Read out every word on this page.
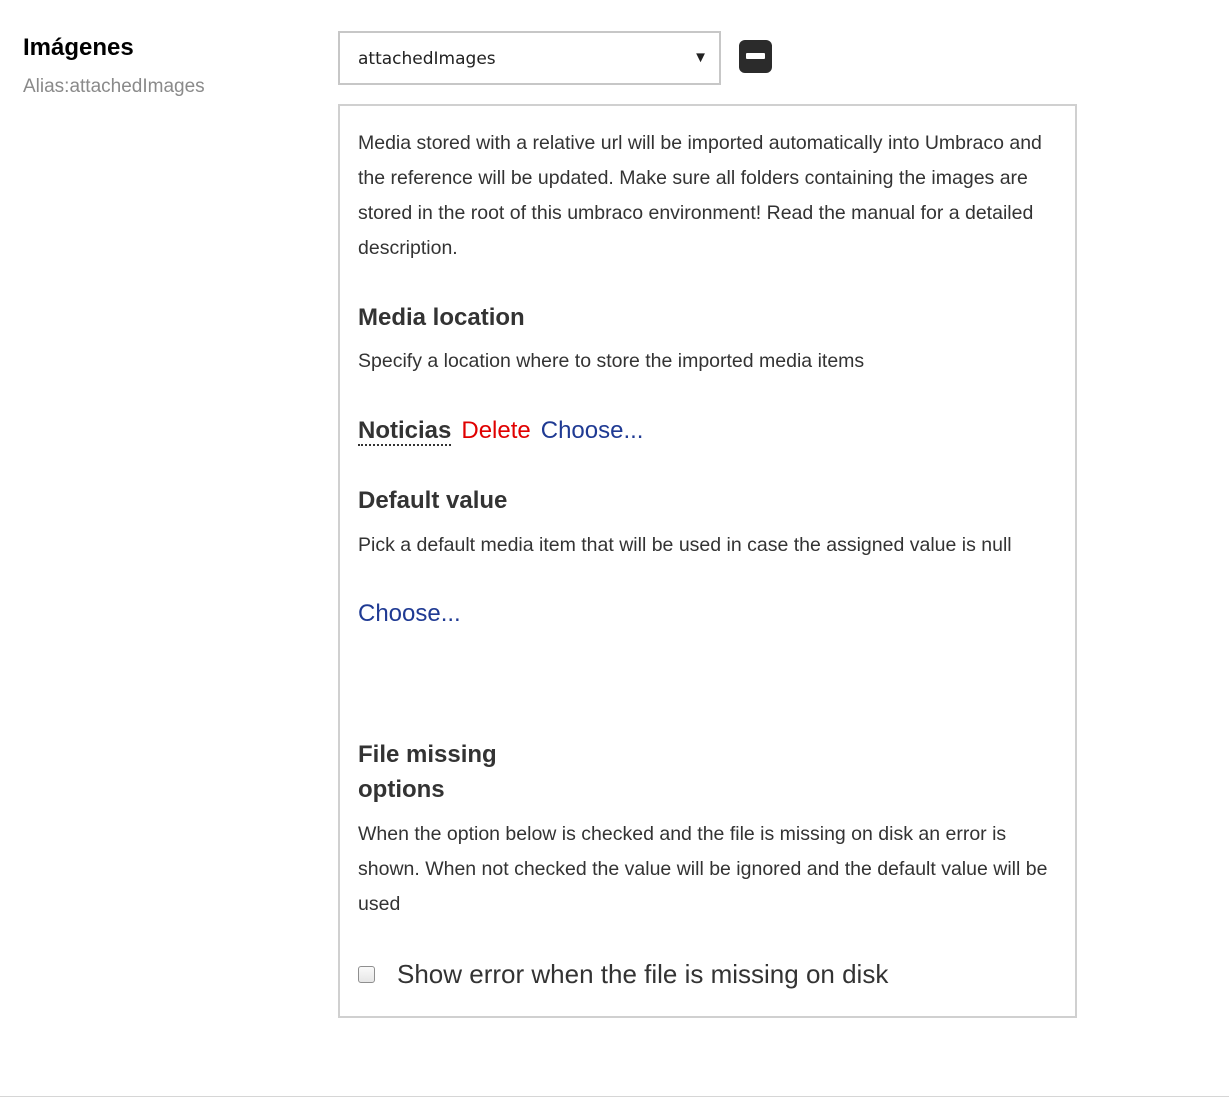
Imágenes
Alias:attachedImages
attachedImages	▼

Media stored with a relative url will be imported automatically into Umbraco and the reference will be updated. Make sure all folders containing the images are stored in the root of this umbraco environment! Read the manual for a detailed description.

Media location

Specify a location where to store the imported media items

Noticias Delete Choose...
Default value

Pick a default media item that will be used in case the assigned value is null

Choose...
File missing options

When the option below is checked and the file is missing on disk an error is shown. When not checked the value will be ignored and the default value will be used

Show error when the file is missing on disk
